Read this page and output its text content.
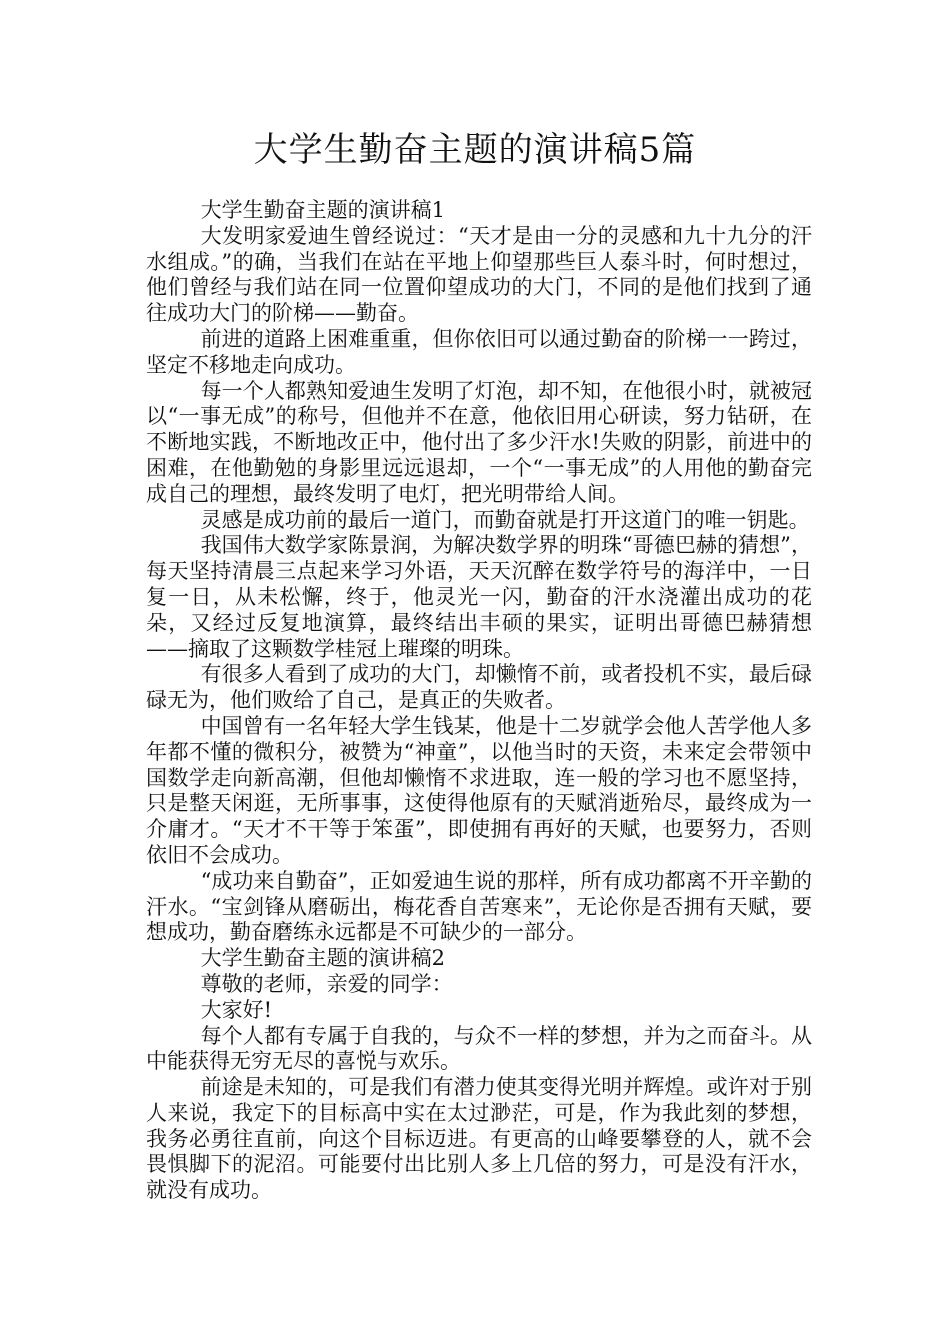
大学生勤奋主题的演讲稿5篇

大学生勤奋主题的演讲稿1

大发明家爱迪生曾经说过：“天才是由一分的灵感和九十九分的汗水组成。”的确，当我们在站在平地上仰望那些巨人泰斗时，何时想过，他们曾经与我们站在同一位置仰望成功的大门，不同的是他们找到了通往成功大门的阶梯——勤奋。

前进的道路上困难重重，但你依旧可以通过勤奋的阶梯一一跨过，坚定不移地走向成功。

每一个人都熟知爱迪生发明了灯泡，却不知，在他很小时，就被冠以“一事无成”的称号，但他并不在意，他依旧用心研读，努力钻研，在不断地实践，不断地改正中，他付出了多少汗水!失败的阴影，前进中的困难，在他勤勉的身影里远远退却，一个“一事无成”的人用他的勤奋完成自己的理想，最终发明了电灯，把光明带给人间。

灵感是成功前的最后一道门，而勤奋就是打开这道门的唯一钥匙。

我国伟大数学家陈景润，为解决数学界的明珠“哥德巴赫的猜想”，每天坚持清晨三点起来学习外语，天天沉醉在数学符号的海洋中，一日复一日，从未松懈，终于，他灵光一闪，勤奋的汗水浇灌出成功的花朵，又经过反复地演算，最终结出丰硕的果实，证明出哥德巴赫猜想——摘取了这颗数学桂冠上璀璨的明珠。

有很多人看到了成功的大门，却懒惰不前，或者投机不实，最后碌碌无为，他们败给了自己，是真正的失败者。

中国曾有一名年轻大学生钱某，他是十二岁就学会他人苦学他人多年都不懂的微积分，被赞为“神童”，以他当时的天资，未来定会带领中国数学走向新高潮，但他却懒惰不求进取，连一般的学习也不愿坚持，只是整天闲逛，无所事事，这使得他原有的天赋消逝殆尽，最终成为一介庸才。“天才不干等于笨蛋”，即使拥有再好的天赋，也要努力，否则依旧不会成功。

“成功来自勤奋”，正如爱迪生说的那样，所有成功都离不开辛勤的汗水。“宝剑锋从磨砺出，梅花香自苦寒来”，无论你是否拥有天赋，要想成功，勤奋磨练永远都是不可缺少的一部分。

大学生勤奋主题的演讲稿2

尊敬的老师，亲爱的同学：

大家好!

每个人都有专属于自我的，与众不一样的梦想，并为之而奋斗。从中能获得无穷无尽的喜悦与欢乐。

前途是未知的，可是我们有潜力使其变得光明并辉煌。或许对于别人来说，我定下的目标高中实在太过渺茫，可是，作为我此刻的梦想，我务必勇往直前，向这个目标迈进。有更高的山峰要攀登的人，就不会畏惧脚下的泥沼。可能要付出比别人多上几倍的努力，可是没有汗水，就没有成功。
